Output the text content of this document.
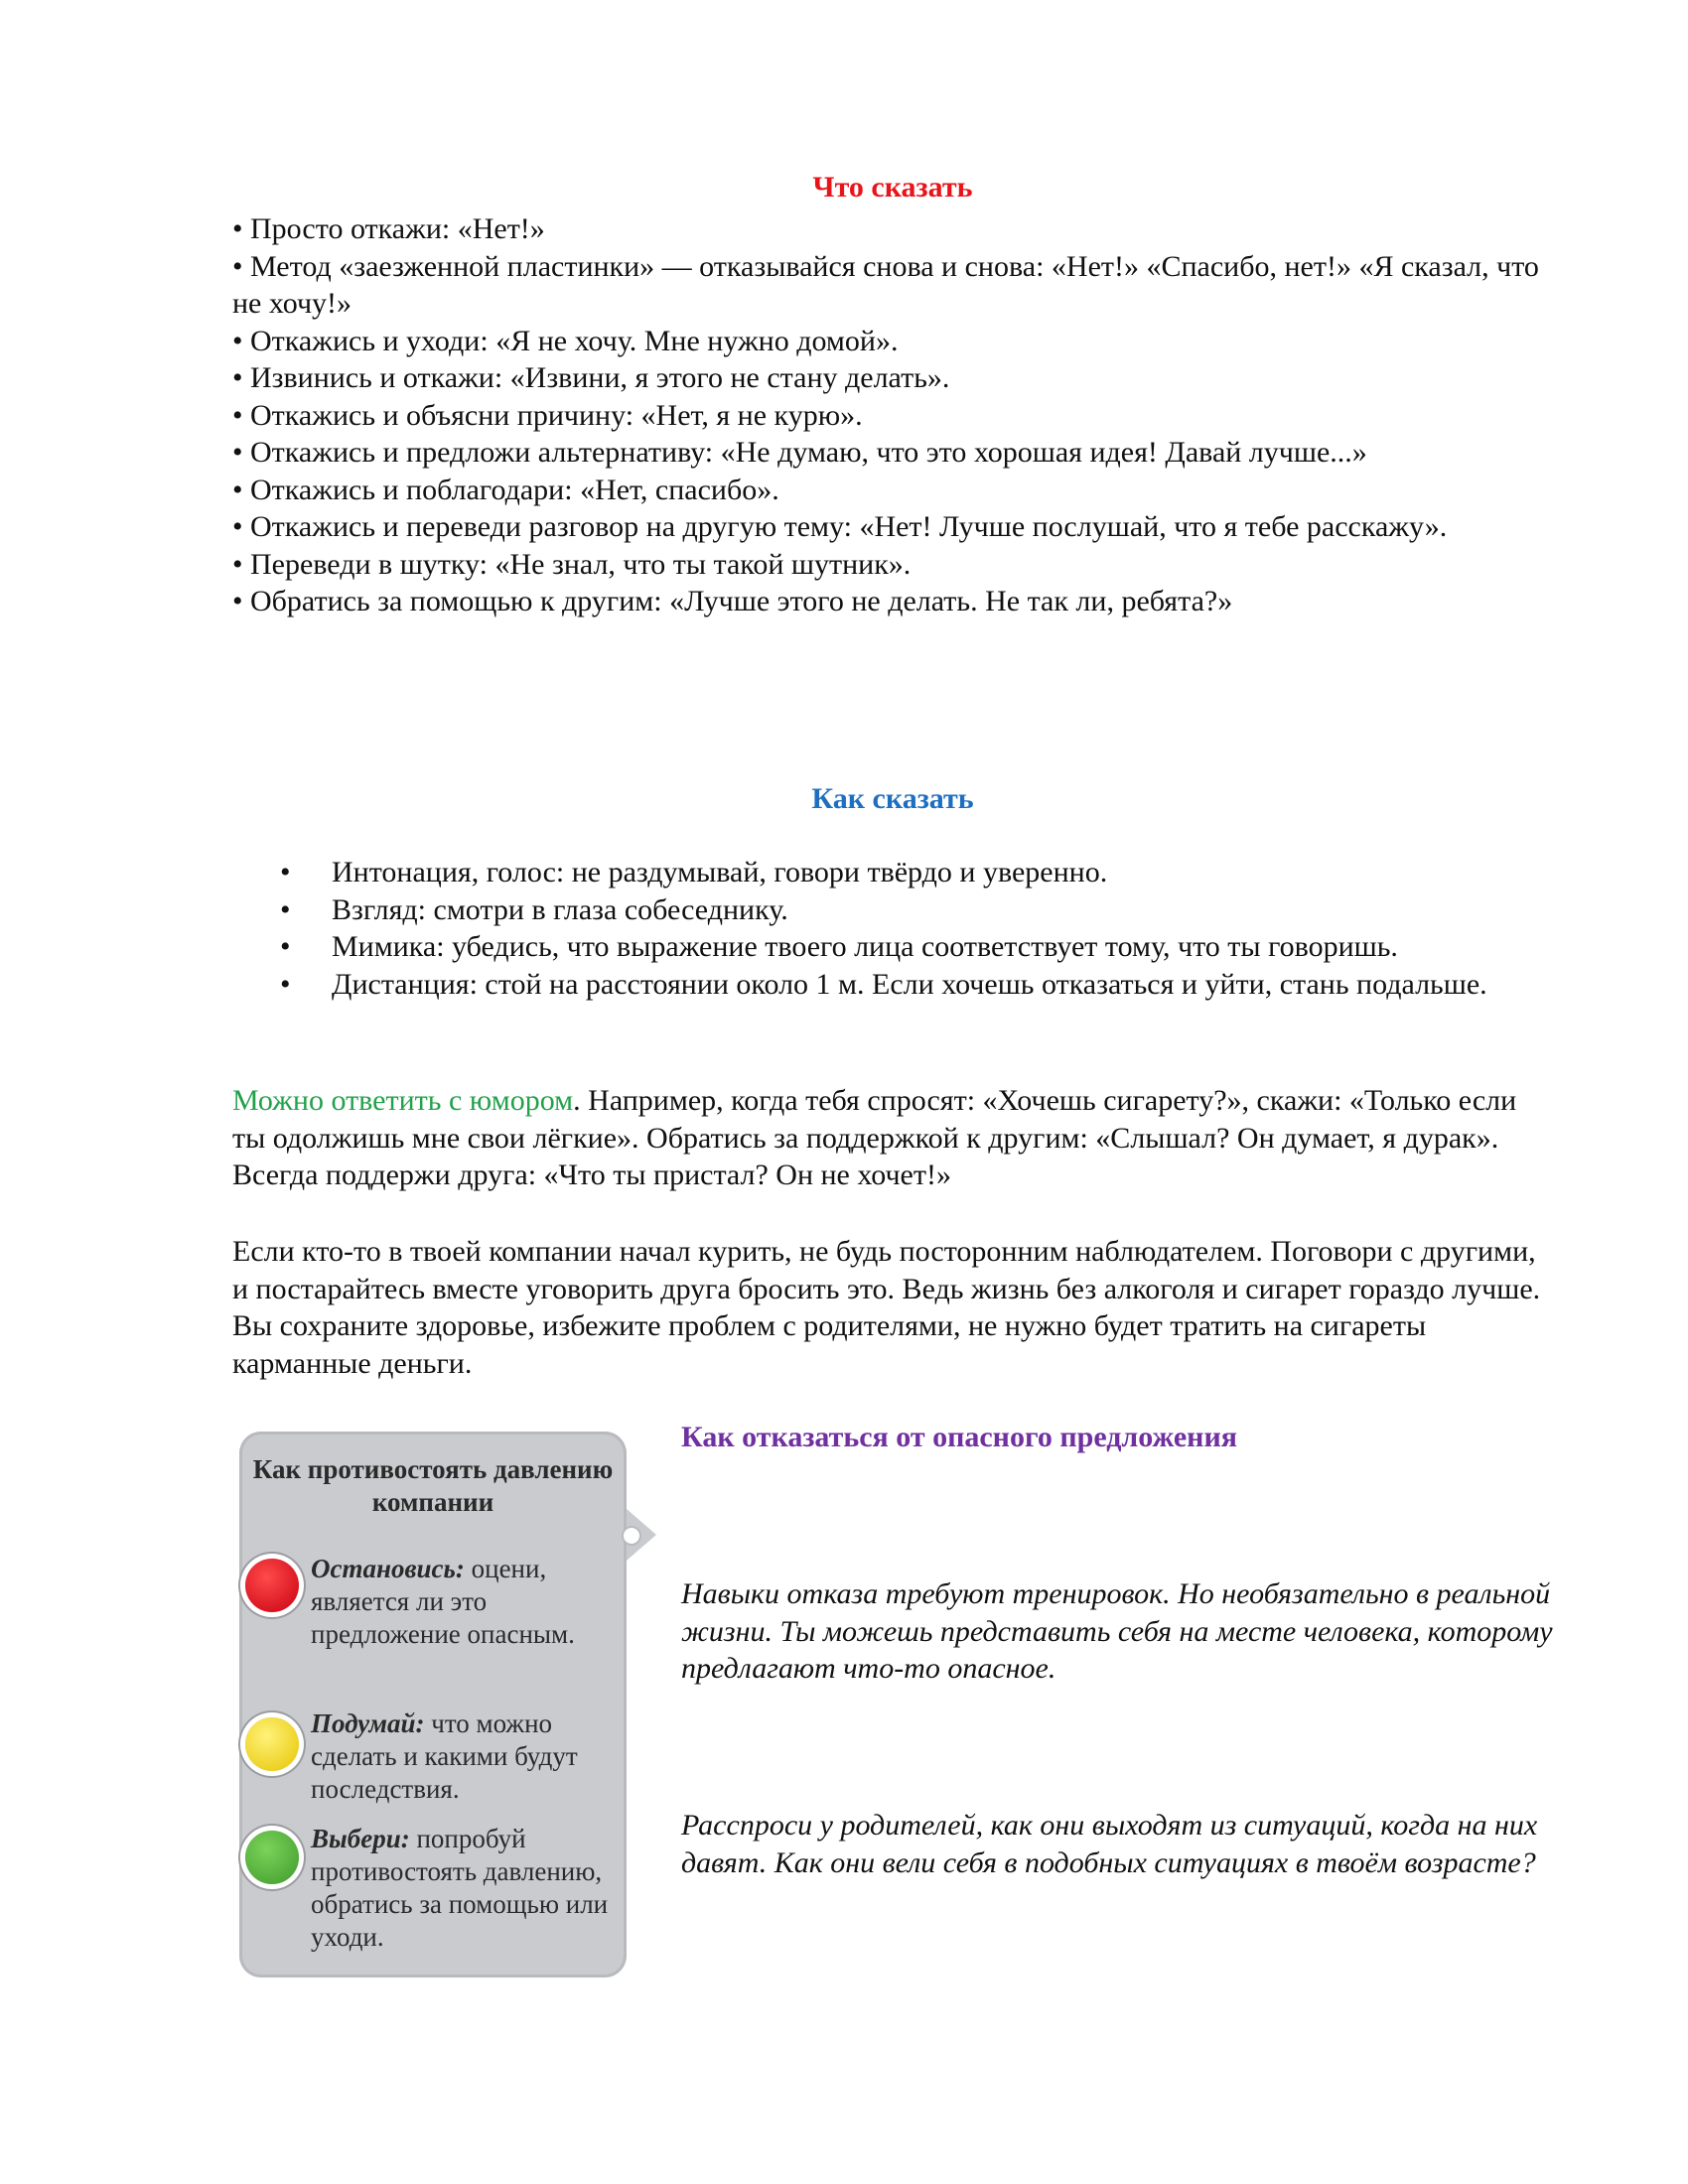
Что сказать
• Просто откажи: «Нет!»
• Метод «заезженной пластинки» — отказывайся снова и снова: «Нет!» «Спасибо, нет!» «Я сказал, что не хочу!»
• Откажись и уходи: «Я не хочу. Мне нужно домой».
• Извинись и откажи: «Извини, я этого не стану делать».
• Откажись и объясни причину: «Нет, я не курю».
• Откажись и предложи альтернативу: «Не думаю, что это хорошая идея! Давай лучше...»
• Откажись и поблагодари: «Нет, спасибо».
• Откажись и переведи разговор на другую тему: «Нет! Лучше послушай, что я тебе расскажу».
• Переведи в шутку: «Не знал, что ты такой шутник».
• Обратись за помощью к другим: «Лучше этого не делать. Не так ли, ребята?»
Как сказать
• Интонация, голос: не раздумывай, говори твёрдо и уверенно.
• Взгляд: смотри в глаза собеседнику.
• Мимика: убедись, что выражение твоего лица соответствует тому, что ты говоришь.
• Дистанция: стой на расстоянии около 1 м. Если хочешь отказаться и уйти, стань подальше.

Можно ответить с юмором. Например, когда тебя спросят: «Хочешь сигарету?», скажи: «Только если ты одолжишь мне свои лёгкие». Обратись за поддержкой к другим: «Слышал? Он думает, я дурак». Всегда поддержи друга: «Что ты пристал? Он не хочет!»

Если кто-то в твоей компании начал курить, не будь посторонним наблюдателем. Поговори с другими, и постарайтесь вместе уговорить друга бросить это. Ведь жизнь без алкоголя и сигарет гораздо лучше. Вы сохраните здоровье, избежите проблем с родителями, не нужно будет тратить на сигареты карманные деньги.

Как противостоять давлению компании
Остановись: оцени, является ли это предложение опасным.
Подумай: что можно сделать и какими будут последствия.
Выбери: попробуй противостоять давлению, обратись за помощью или уходи.
Как отказаться от опасного предложения

Навыки отказа требуют тренировок. Но необязательно в реальной жизни. Ты можешь представить себя на месте человека, которому предлагают что-то опасное.

Расспроси у родителей, как они выходят из ситуаций, когда на них давят. Как они вели себя в подобных ситуациях в твоём возрасте?
